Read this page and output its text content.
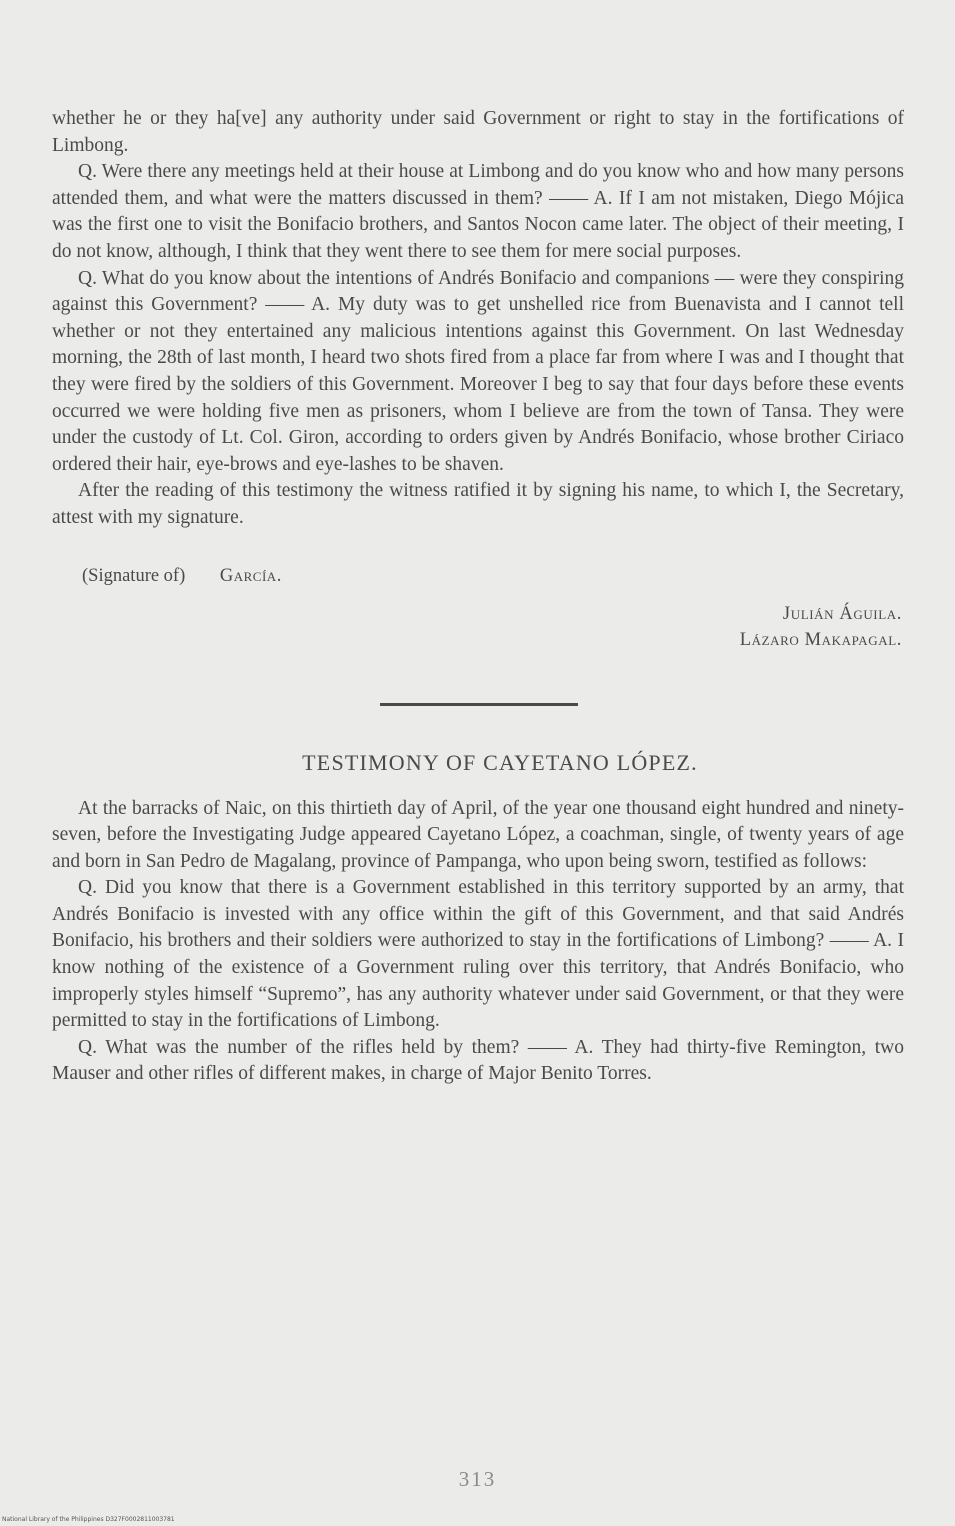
whether he or they ha[ve] any authority under said Government or right to stay in the fortifications of Limbong.

Q. Were there any meetings held at their house at Limbong and do you know who and how many persons attended them, and what were the matters discussed in them? —— A. If I am not mistaken, Diego Mójica was the first one to visit the Bonifacio brothers, and Santos Nocon came later. The object of their meeting, I do not know, although, I think that they went there to see them for mere social purposes.

Q. What do you know about the intentions of Andrés Bonifacio and companions — were they conspiring against this Government? —— A. My duty was to get unshelled rice from Buenavista and I cannot tell whether or not they entertained any malicious intentions against this Government. On last Wednesday morning, the 28th of last month, I heard two shots fired from a place far from where I was and I thought that they were fired by the soldiers of this Government. Moreover I beg to say that four days before these events occurred we were holding five men as prisoners, whom I believe are from the town of Tansa. They were under the custody of Lt. Col. Giron, according to orders given by Andrés Bonifacio, whose brother Ciriaco ordered their hair, eye-brows and eye-lashes to be shaven.

After the reading of this testimony the witness ratified it by signing his name, to which I, the Secretary, attest with my signature.

(Signature of) García.
Julián Águila.
Lázaro Makapagal.
TESTIMONY OF CAYETANO LÓPEZ.

At the barracks of Naic, on this thirtieth day of April, of the year one thousand eight hundred and ninety-seven, before the Investigating Judge appeared Cayetano López, a coachman, single, of twenty years of age and born in San Pedro de Magalang, province of Pampanga, who upon being sworn, testified as follows:

Q. Did you know that there is a Government established in this territory supported by an army, that Andrés Bonifacio is invested with any office within the gift of this Government, and that said Andrés Bonifacio, his brothers and their soldiers were authorized to stay in the fortifications of Limbong? —— A. I know nothing of the existence of a Government ruling over this territory, that Andrés Bonifacio, who improperly styles himself “Supremo”, has any authority whatever under said Government, or that they were permitted to stay in the fortifications of Limbong.

Q. What was the number of the rifles held by them? —— A. They had thirty-five Remington, two Mauser and other rifles of different makes, in charge of Major Benito Torres.

313
National Library of the Philippines D327F0002811003781
